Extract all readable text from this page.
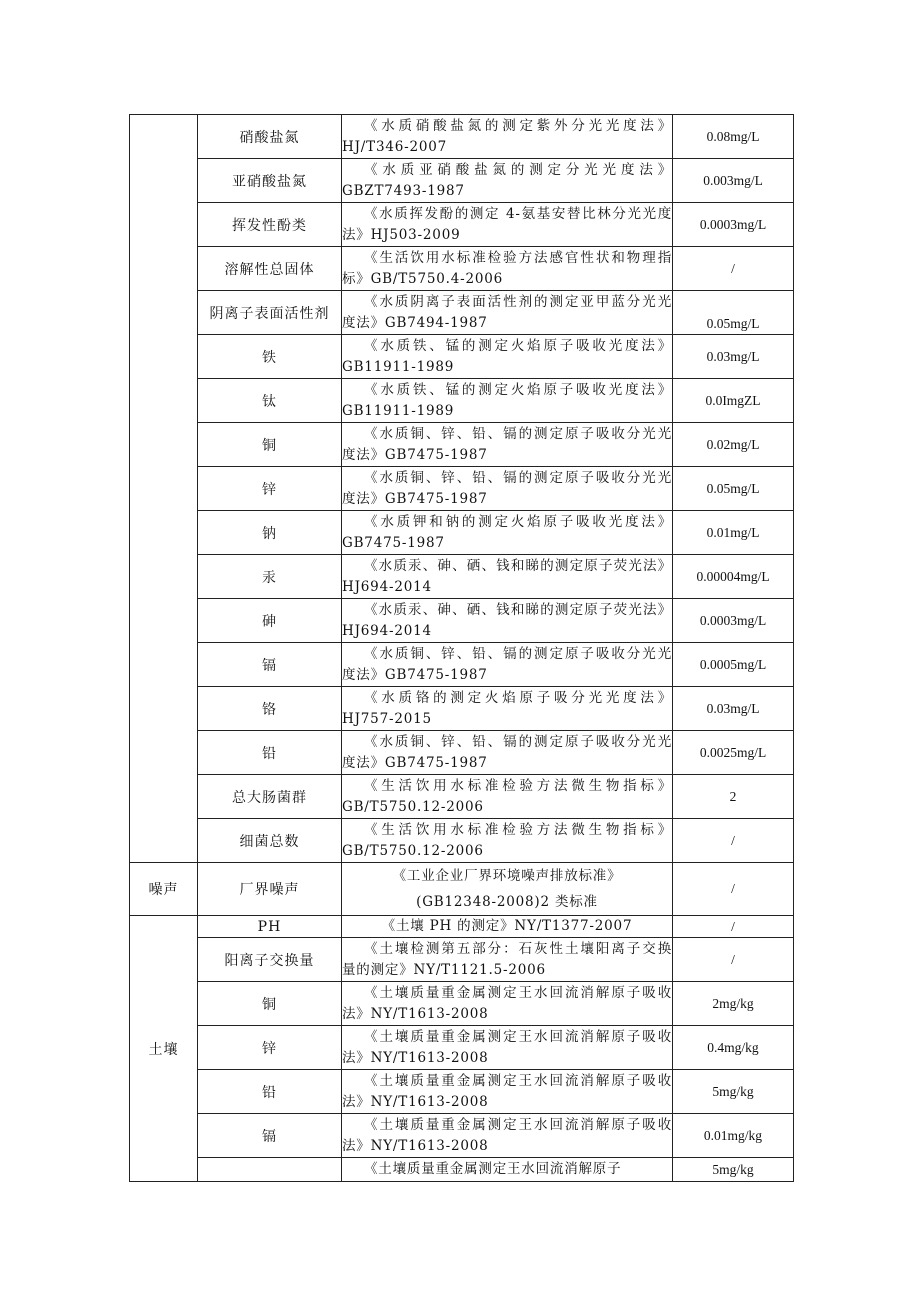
	硝酸盐氮	《水质硝酸盐氮的测定紫外分光光度法》
HJ/T346-2007	0.08mg/L
	亚硝酸盐氮	《水质亚硝酸盐氮的测定分光光度法》
GBZT7493-1987	0.003mg/L
	挥发性酚类	《水质挥发酚的测定 4-氨基安替比林分光光度
法》HJ503-2009	0.0003mg/L
	溶解性总固体	《生活饮用水标准检验方法感官性状和物理指
标》GB/T5750.4-2006	/
	阴离子表面活性剂	《水质阴离子表面活性剂的测定亚甲蓝分光光
度法》GB7494-1987	0.05mg/L
	铁	《水质铁、锰的测定火焰原子吸收光度法》
GB11911-1989	0.03mg/L
	钛	《水质铁、锰的测定火焰原子吸收光度法》
GB11911-1989	0.0ImgZL
	铜	《水质铜、锌、铅、镉的测定原子吸收分光光
度法》GB7475-1987	0.02mg/L
	锌	《水质铜、锌、铅、镉的测定原子吸收分光光
度法》GB7475-1987	0.05mg/L
	钠	《水质钾和钠的测定火焰原子吸收光度法》
GB7475-1987	0.01mg/L
	汞	《水质汞、砷、硒、钱和睇的测定原子荧光法》
HJ694-2014	0.00004mg/L
	砷	《水质汞、砷、硒、钱和睇的测定原子荧光法》
HJ694-2014	0.0003mg/L
	镉	《水质铜、锌、铅、镉的测定原子吸收分光光
度法》GB7475-1987	0.0005mg/L
	铬	《水质铬的测定火焰原子吸分光光度法》
HJ757-2015	0.03mg/L
	铅	《水质铜、锌、铅、镉的测定原子吸收分光光
度法》GB7475-1987	0.0025mg/L
	总大肠菌群	《生活饮用水标准检验方法微生物指标》
GB/T5750.12-2006	2
	细菌总数	《生活饮用水标准检验方法微生物指标》
GB/T5750.12-2006	/
噪声	厂界噪声	《工业企业厂界环境噪声排放标准》
(GB12348-2008)2 类标准	/
土壤	PH	《土壤 PH 的测定》NY/T1377-2007	/
	阳离子交换量	《土壤检测第五部分：石灰性土壤阳离子交换
量的测定》NY/T1121.5-2006	/
	铜	《土壤质量重金属测定王水回流消解原子吸收
法》NY/T1613-2008	2mg/kg
	锌	《土壤质量重金属测定王水回流消解原子吸收
法》NY/T1613-2008	0.4mg/kg
	铅	《土壤质量重金属测定王水回流消解原子吸收
法》NY/T1613-2008	5mg/kg
	镉	《土壤质量重金属测定王水回流消解原子吸收
法》NY/T1613-2008	0.01mg/kg

		《土壤质量重金属测定王水回流消解原子	5mg/kg
